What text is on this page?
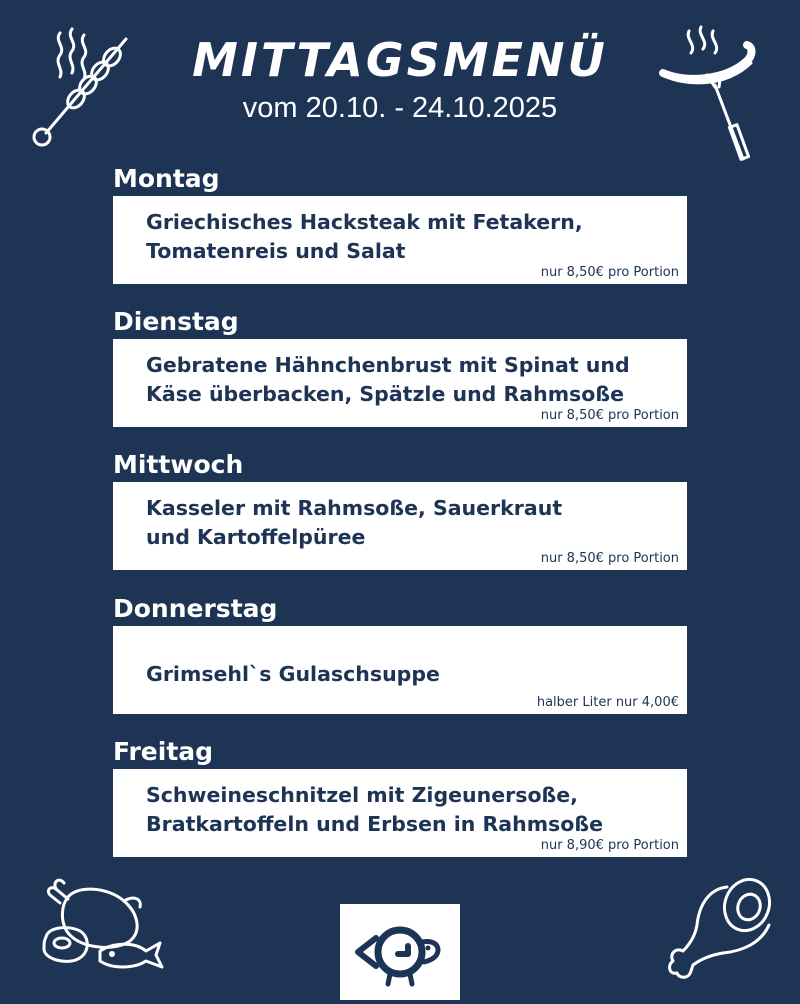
MITTAGSMENÜ
vom 20.10. - 24.10.2025
Montag
Griechisches Hacksteak mit Fetakern,
Tomatenreis und Salat
nur 8,50€ pro Portion
Dienstag
Gebratene Hähnchenbrust mit Spinat und
Käse überbacken, Spätzle und Rahmsoße
nur 8,50€ pro Portion
Mittwoch
Kasseler mit Rahmsoße, Sauerkraut
und Kartoffelpüree
nur 8,50€ pro Portion
Donnerstag
Grimsehl`s Gulaschsuppe
halber Liter nur 4,00€
Freitag
Schweineschnitzel mit Zigeunersoße,
Bratkartoffeln und Erbsen in Rahmsoße
nur 8,90€ pro Portion
